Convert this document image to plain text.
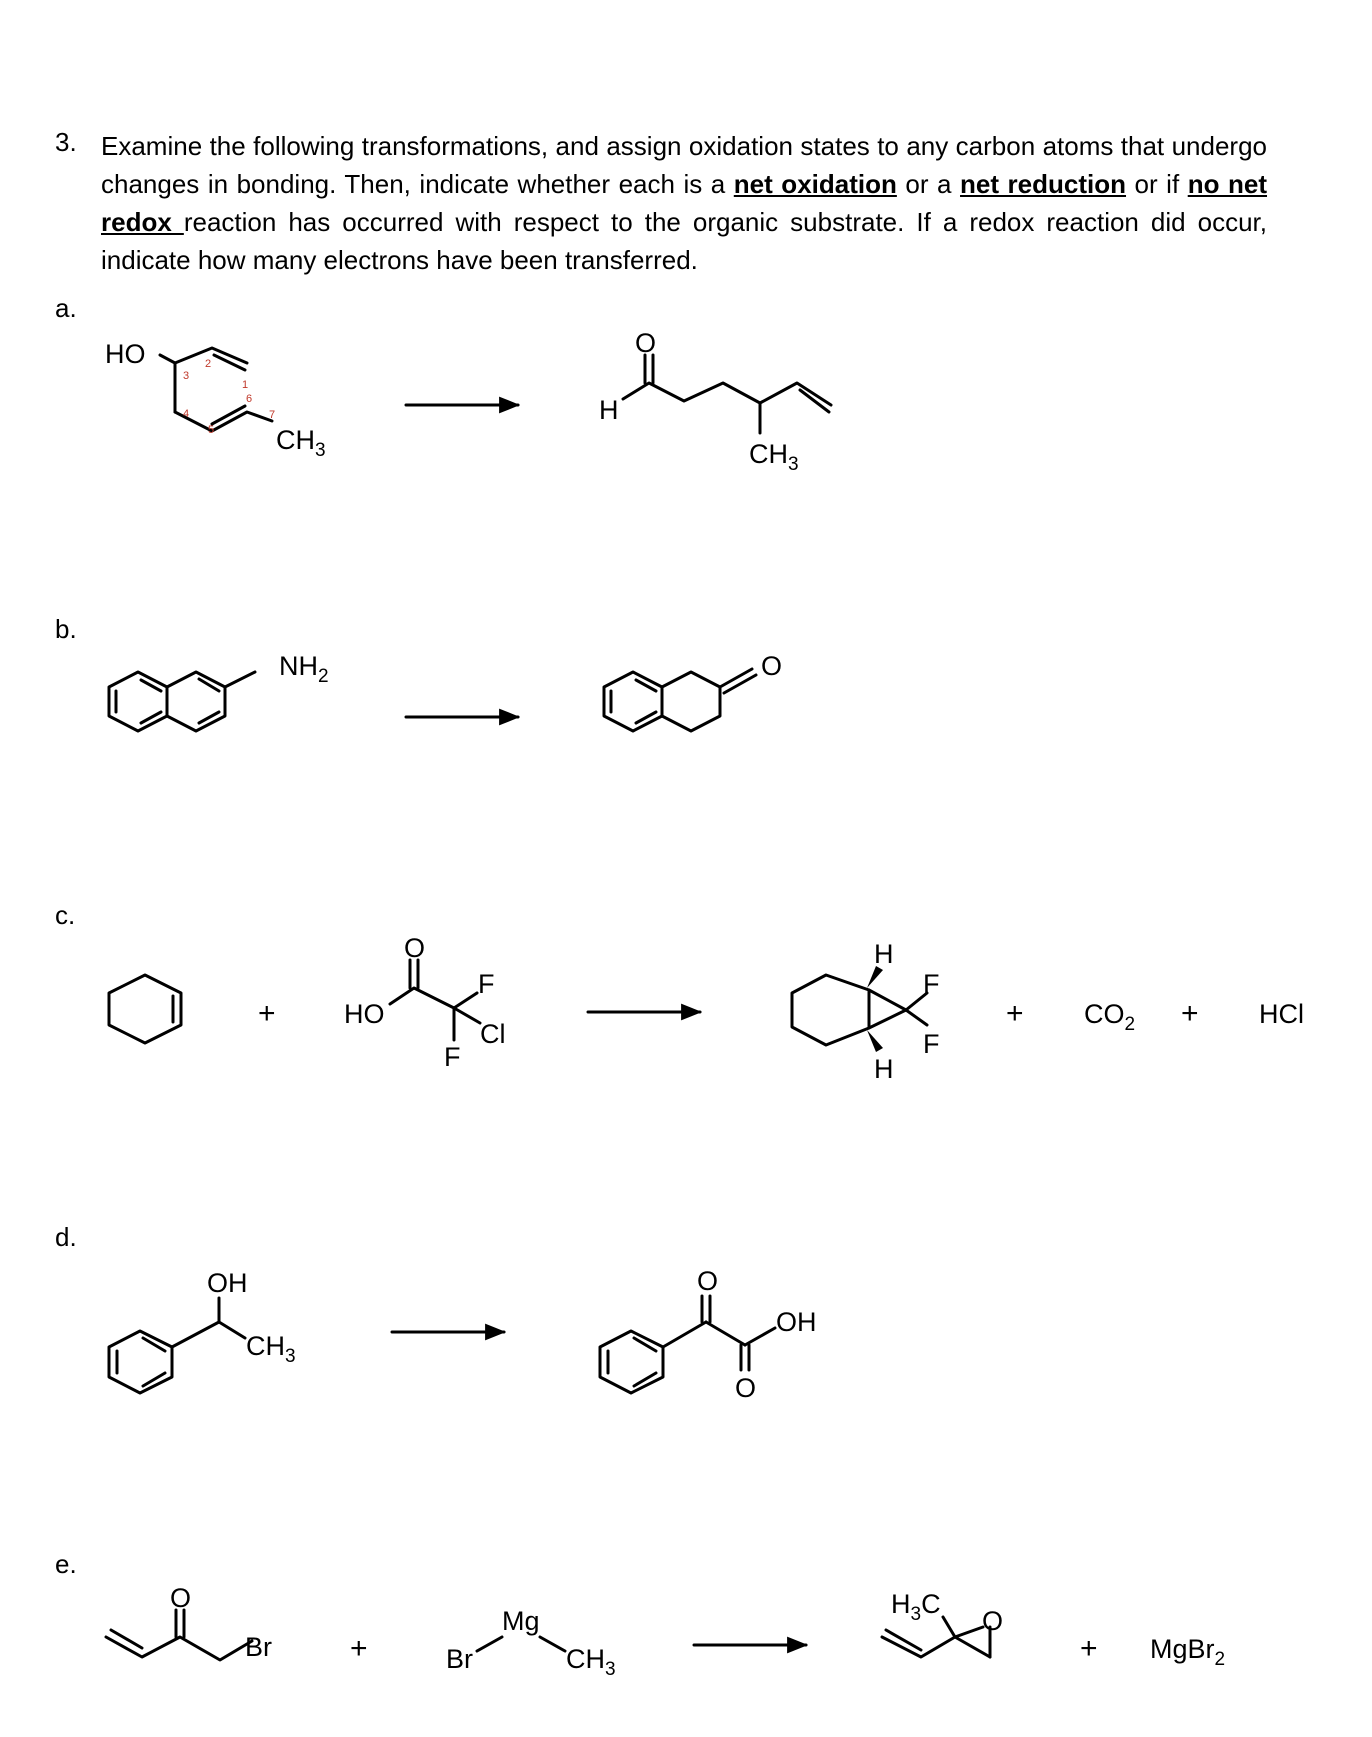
3. Examine the following transformations, and assign oxidation states to any carbon atoms that undergo changes in bonding. Then, indicate whether each is a net oxidation or a net reduction or if no net redox reaction has occurred with respect to the organic substrate. If a redox reaction did occur, indicate how many electrons have been transferred.
a.
b.
c.
d.
e.
HO
$CH_3$
3
2
1
4
5
6
7
O
H
$CH_3$
$NH_2$	O
+
O
HO
F
Cl
F
H
F
F
H
+ $CO_2$ + HCl
OH
$CH_3$
O
OH
O
O
Br	+	Br
Mg
$CH_3$
$H_3C$
O
+ MgBr$_2$
